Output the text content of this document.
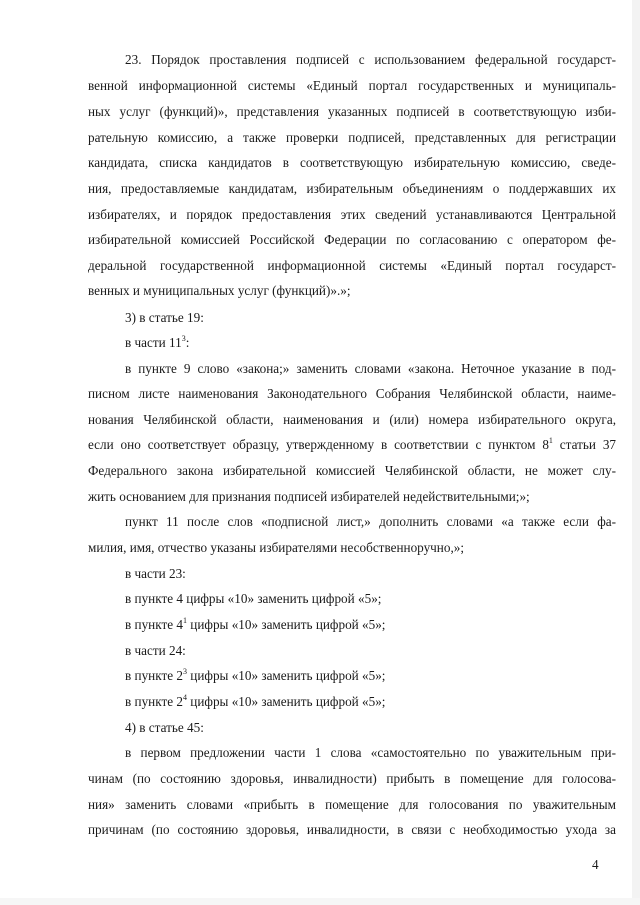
23. Порядок проставления подписей с использованием федеральной государст-
венной информационной системы «Единый портал государственных и муниципаль-
ных услуг (функций)», представления указанных подписей в соответствующую изби-
рательную комиссию, а также проверки подписей, представленных для регистрации
кандидата, списка кандидатов в соответствующую избирательную комиссию, сведе-
ния, предоставляемые кандидатам, избирательным объединениям о поддержавших их
избирателях, и порядок предоставления этих сведений устанавливаются Центральной
избирательной комиссией Российской Федерации по согласованию с оператором фе-
деральной государственной информационной системы «Единый портал государст-
венных и муниципальных услуг (функций)».»;
3) в статье 19:
в части $11^3$:
в пункте 9 слово «закона;» заменить словами «закона. Неточное указание в под-
писном листе наименования Законодательного Собрания Челябинской области, наиме-
нования Челябинской области, наименования и (или) номера избирательного округа,
если оно соответствует образцу, утвержденному в соответствии с пунктом $8^1$ статьи 37
Федерального закона избирательной комиссией Челябинской области, не может слу-
жить основанием для признания подписей избирателей недействительными;»;
пункт 11 после слов «подписной лист,» дополнить словами «а также если фа-
милия, имя, отчество указаны избирателями несобственноручно,»;
в части 23:
в пункте 4 цифры «10» заменить цифрой «5»;
в пункте $4^1$ цифры «10» заменить цифрой «5»;
в части 24:
в пункте $2^3$ цифры «10» заменить цифрой «5»;
в пункте $2^4$ цифры «10» заменить цифрой «5»;
4) в статье 45:
в первом предложении части 1 слова «самостоятельно по уважительным при-
чинам (по состоянию здоровья, инвалидности) прибыть в помещение для голосова-
ния» заменить словами «прибыть в помещение для голосования по уважительным
причинам (по состоянию здоровья, инвалидности, в связи с необходимостью ухода за
4
